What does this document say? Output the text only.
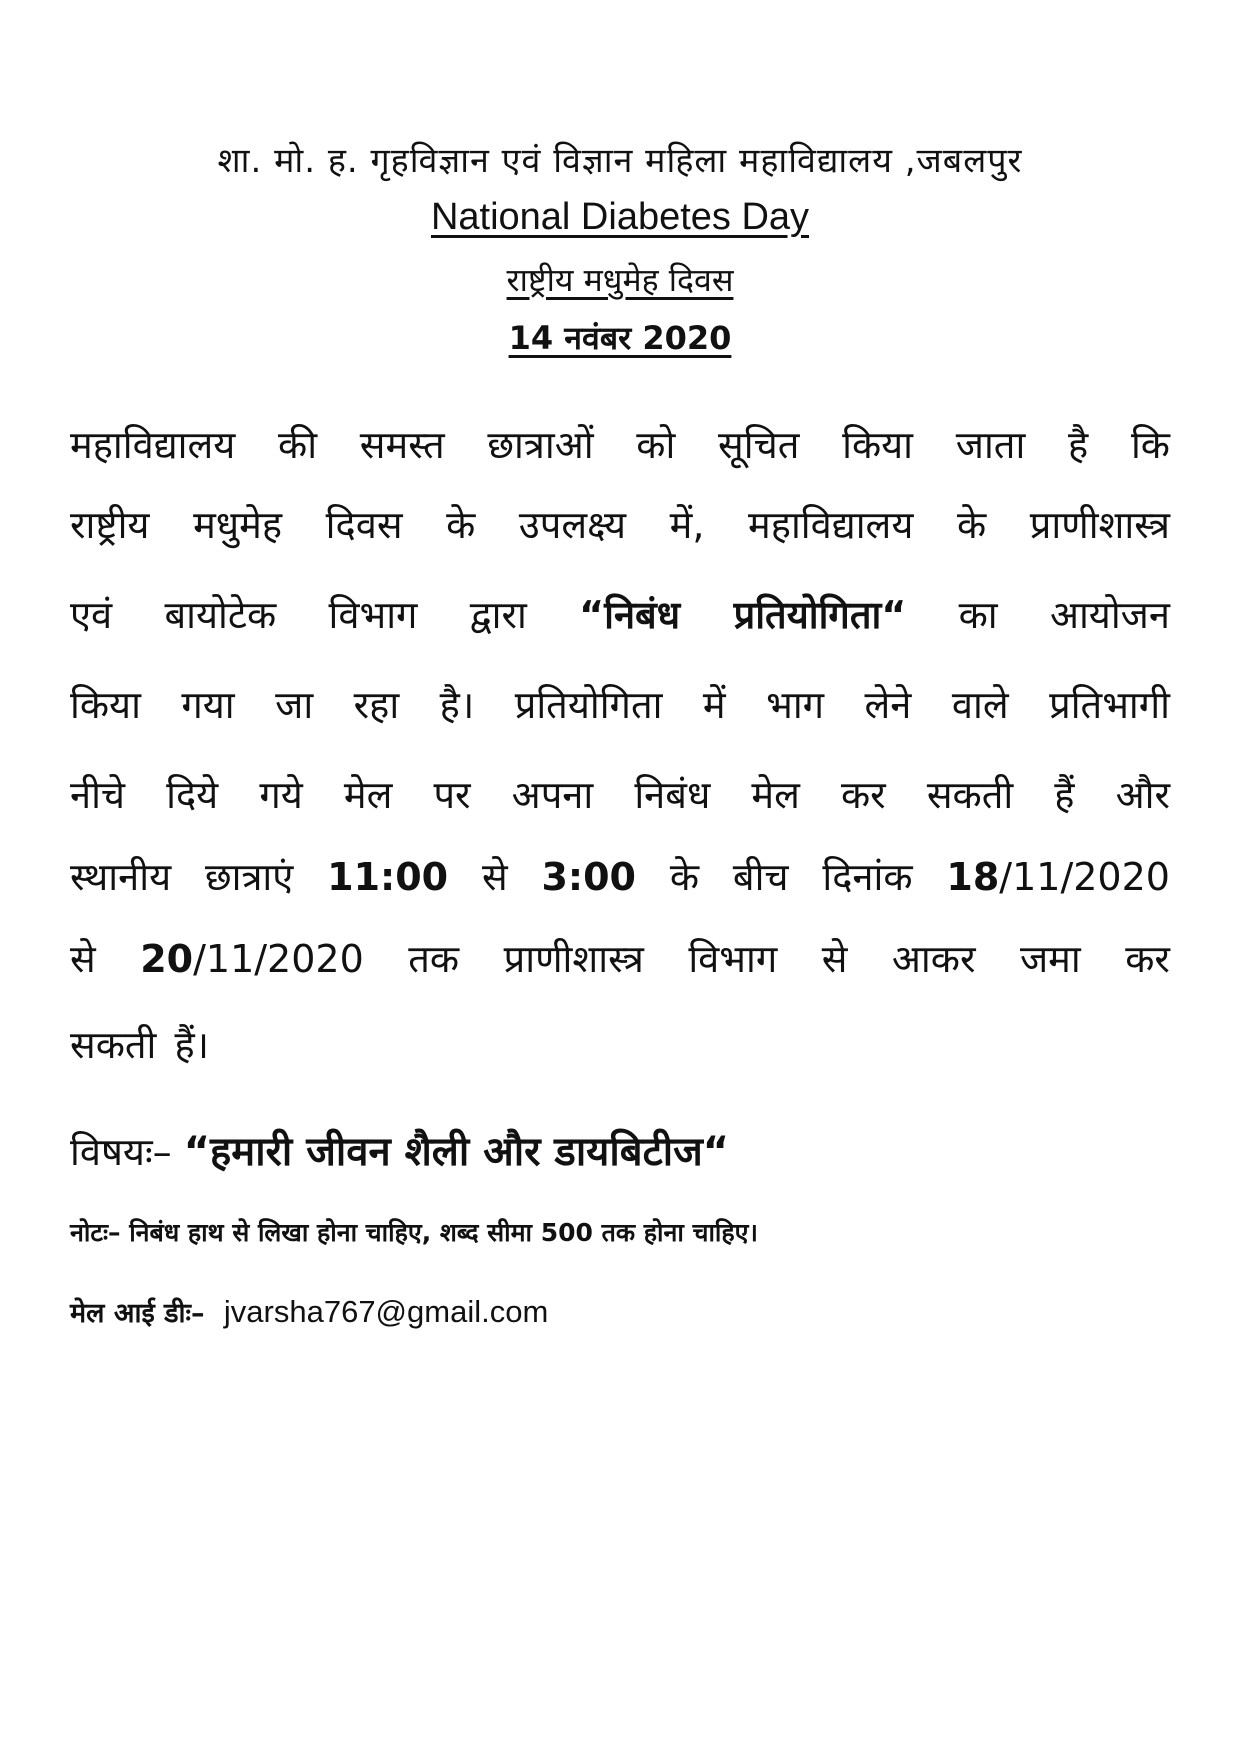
शा. मो. ह. गृहविज्ञान एवं विज्ञान महिला महाविद्यालय ,जबलपुर
National Diabetes Day
राष्ट्रीय मधुमेह दिवस
14 नवंबर 2020
महाविद्यालय की समस्त छात्राओं को सूचित किया जाता है कि
राष्ट्रीय मधुमेह दिवस के उपलक्ष्य में, महाविद्यालय के प्राणीशास्त्र
एवं बायोटेक विभाग द्वारा “निबंध प्रतियोगिता“ का आयोजन
किया गया जा रहा है। प्रतियोगिता में भाग लेने वाले प्रतिभागी
नीचे दिये गये मेल पर अपना निबंध मेल कर सकती हैं और
स्थानीय छात्राएं 11:00 से 3:00 के बीच दिनांक 18/11/2020
से 20/11/2020 तक प्राणीशास्त्र विभाग से आकर जमा कर
सकती हैं।
विषयः– “हमारी जीवन शैली और डायबिटीज“
नोटः– निबंध हाथ से लिखा होना चाहिए, शब्द सीमा 500 तक होना चाहिए।
मेल आई डीः– jvarsha767@gmail.com
